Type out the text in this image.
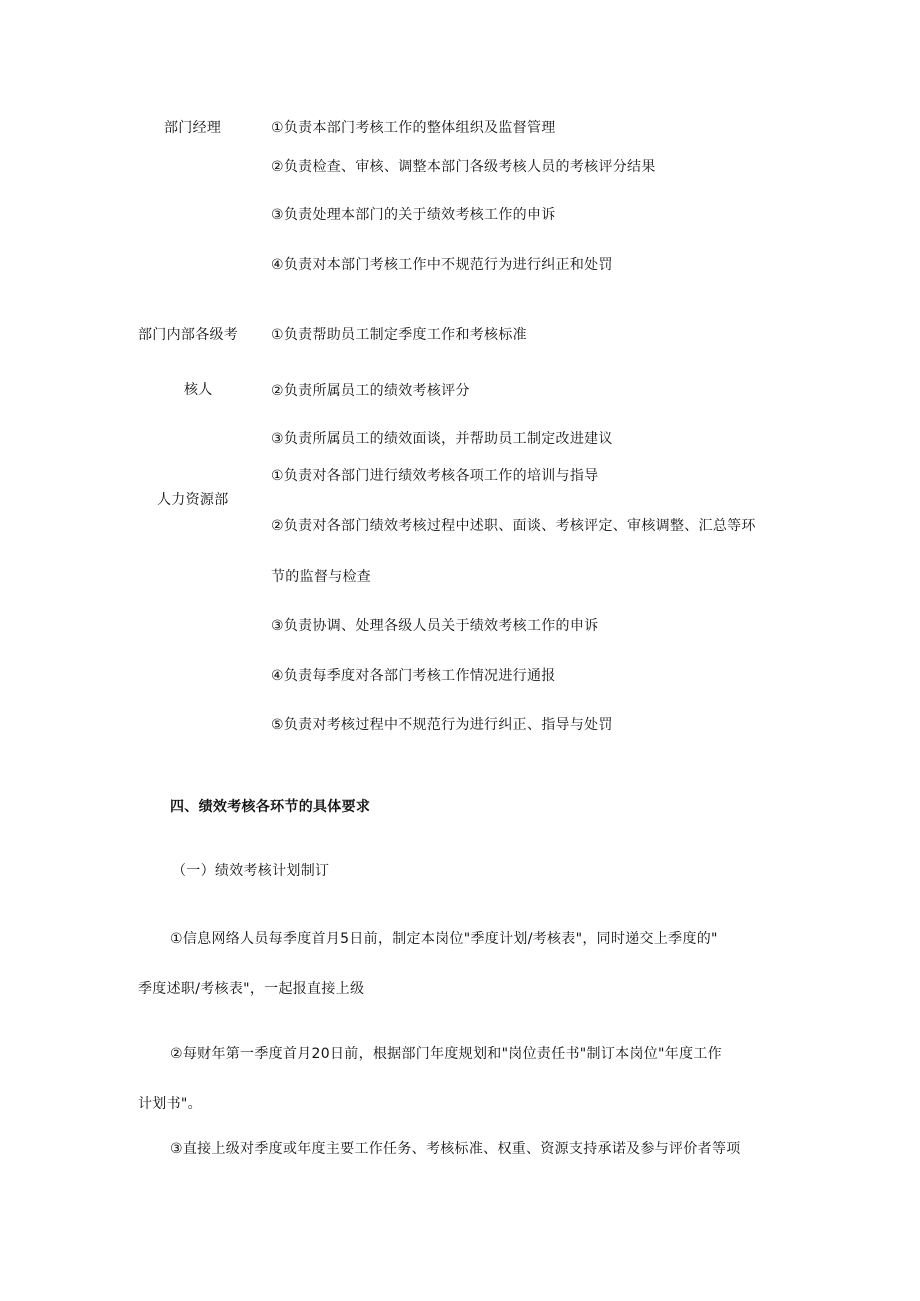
部门经理	①负责本部门考核工作的整体组织及监督管理
②负责检查、审核、调整本部门各级考核人员的考核评分结果
③负责处理本部门的关于绩效考核工作的申诉
④负责对本部门考核工作中不规范行为进行纠正和处罚
部门内部各级考
核人
①负责帮助员工制定季度工作和考核标准
②负责所属员工的绩效考核评分
③负责所属员工的绩效面谈，并帮助员工制定改进建议
人力资源部
①负责对各部门进行绩效考核各项工作的培训与指导
②负责对各部门绩效考核过程中述职、面谈、考核评定、审核调整、汇总等环
节的监督与检查
③负责协调、处理各级人员关于绩效考核工作的申诉
④负责每季度对各部门考核工作情况进行通报
⑤负责对考核过程中不规范行为进行纠正、指导与处罚
四、绩效考核各环节的具体要求
（一）绩效考核计划制订
①信息网络人员每季度首月5日前，制定本岗位"季度计划/考核表"，同时递交上季度的"
季度述职/考核表"，一起报直接上级
②每财年第一季度首月20日前，根据部门年度规划和"岗位责任书"制订本岗位"年度工作
计划书"。
③直接上级对季度或年度主要工作任务、考核标准、权重、资源支持承诺及参与评价者等项
